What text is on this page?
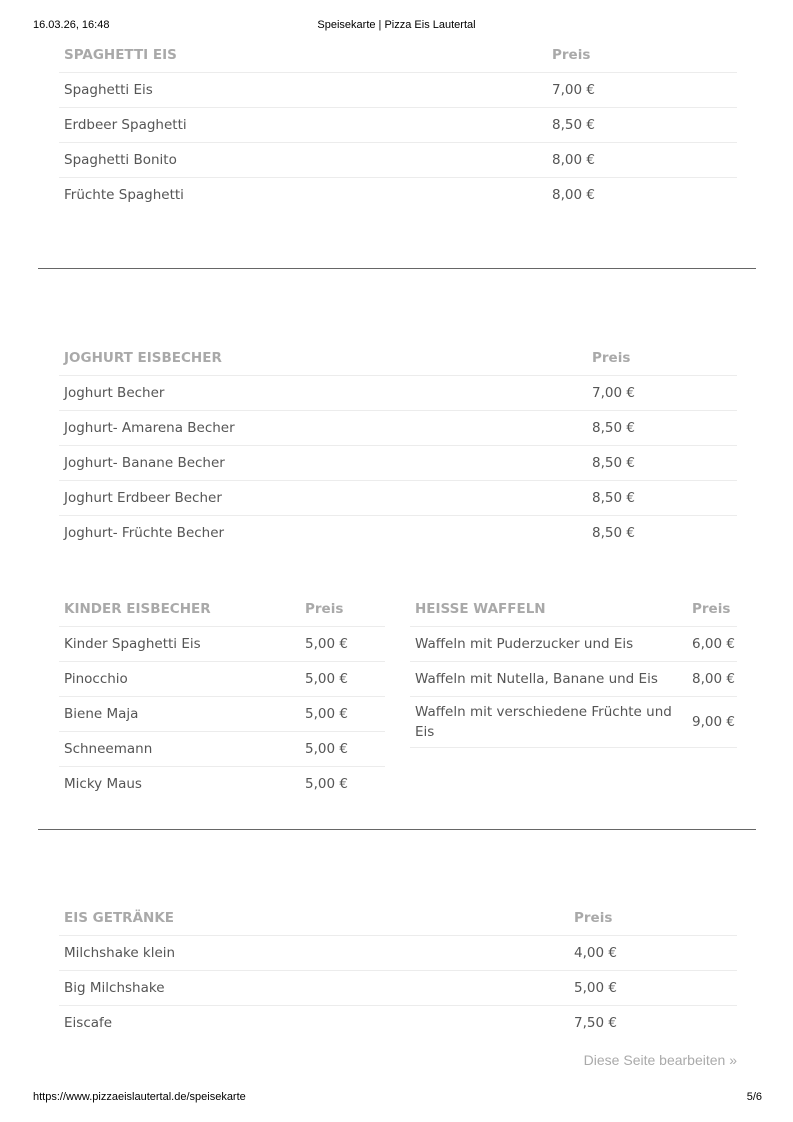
16.03.26, 16:48	Speisekarte | Pizza Eis Lautertal
SPAGHETTI EIS	Preis
Spaghetti Eis	7,00 €
Erdbeer Spaghetti	8,50 €
Spaghetti Bonito	8,00 €
Früchte Spaghetti	8,00 €
JOGHURT EISBECHER	Preis
Joghurt Becher	7,00 €
Joghurt- Amarena Becher	8,50 €
Joghurt- Banane Becher	8,50 €
Joghurt Erdbeer Becher	8,50 €
Joghurt- Früchte Becher	8,50 €
KINDER EISBECHER	Preis
Kinder Spaghetti Eis	5,00 €
Pinocchio	5,00 €
Biene Maja	5,00 €
Schneemann	5,00 €
Micky Maus	5,00 €
HEISSE WAFFELN	Preis
Waffeln mit Puderzucker und Eis	6,00 €
Waffeln mit Nutella, Banane und Eis	8,00 €
Waffeln mit verschiedene Früchte und Eis	9,00 €

EIS GETRÄNKE	Preis
Milchshake klein	4,00 €
Big Milchshake	5,00 €
Eiscafe	7,50 €
Diese Seite bearbeiten »
https://www.pizzaeislautertal.de/speisekarte	5/6
